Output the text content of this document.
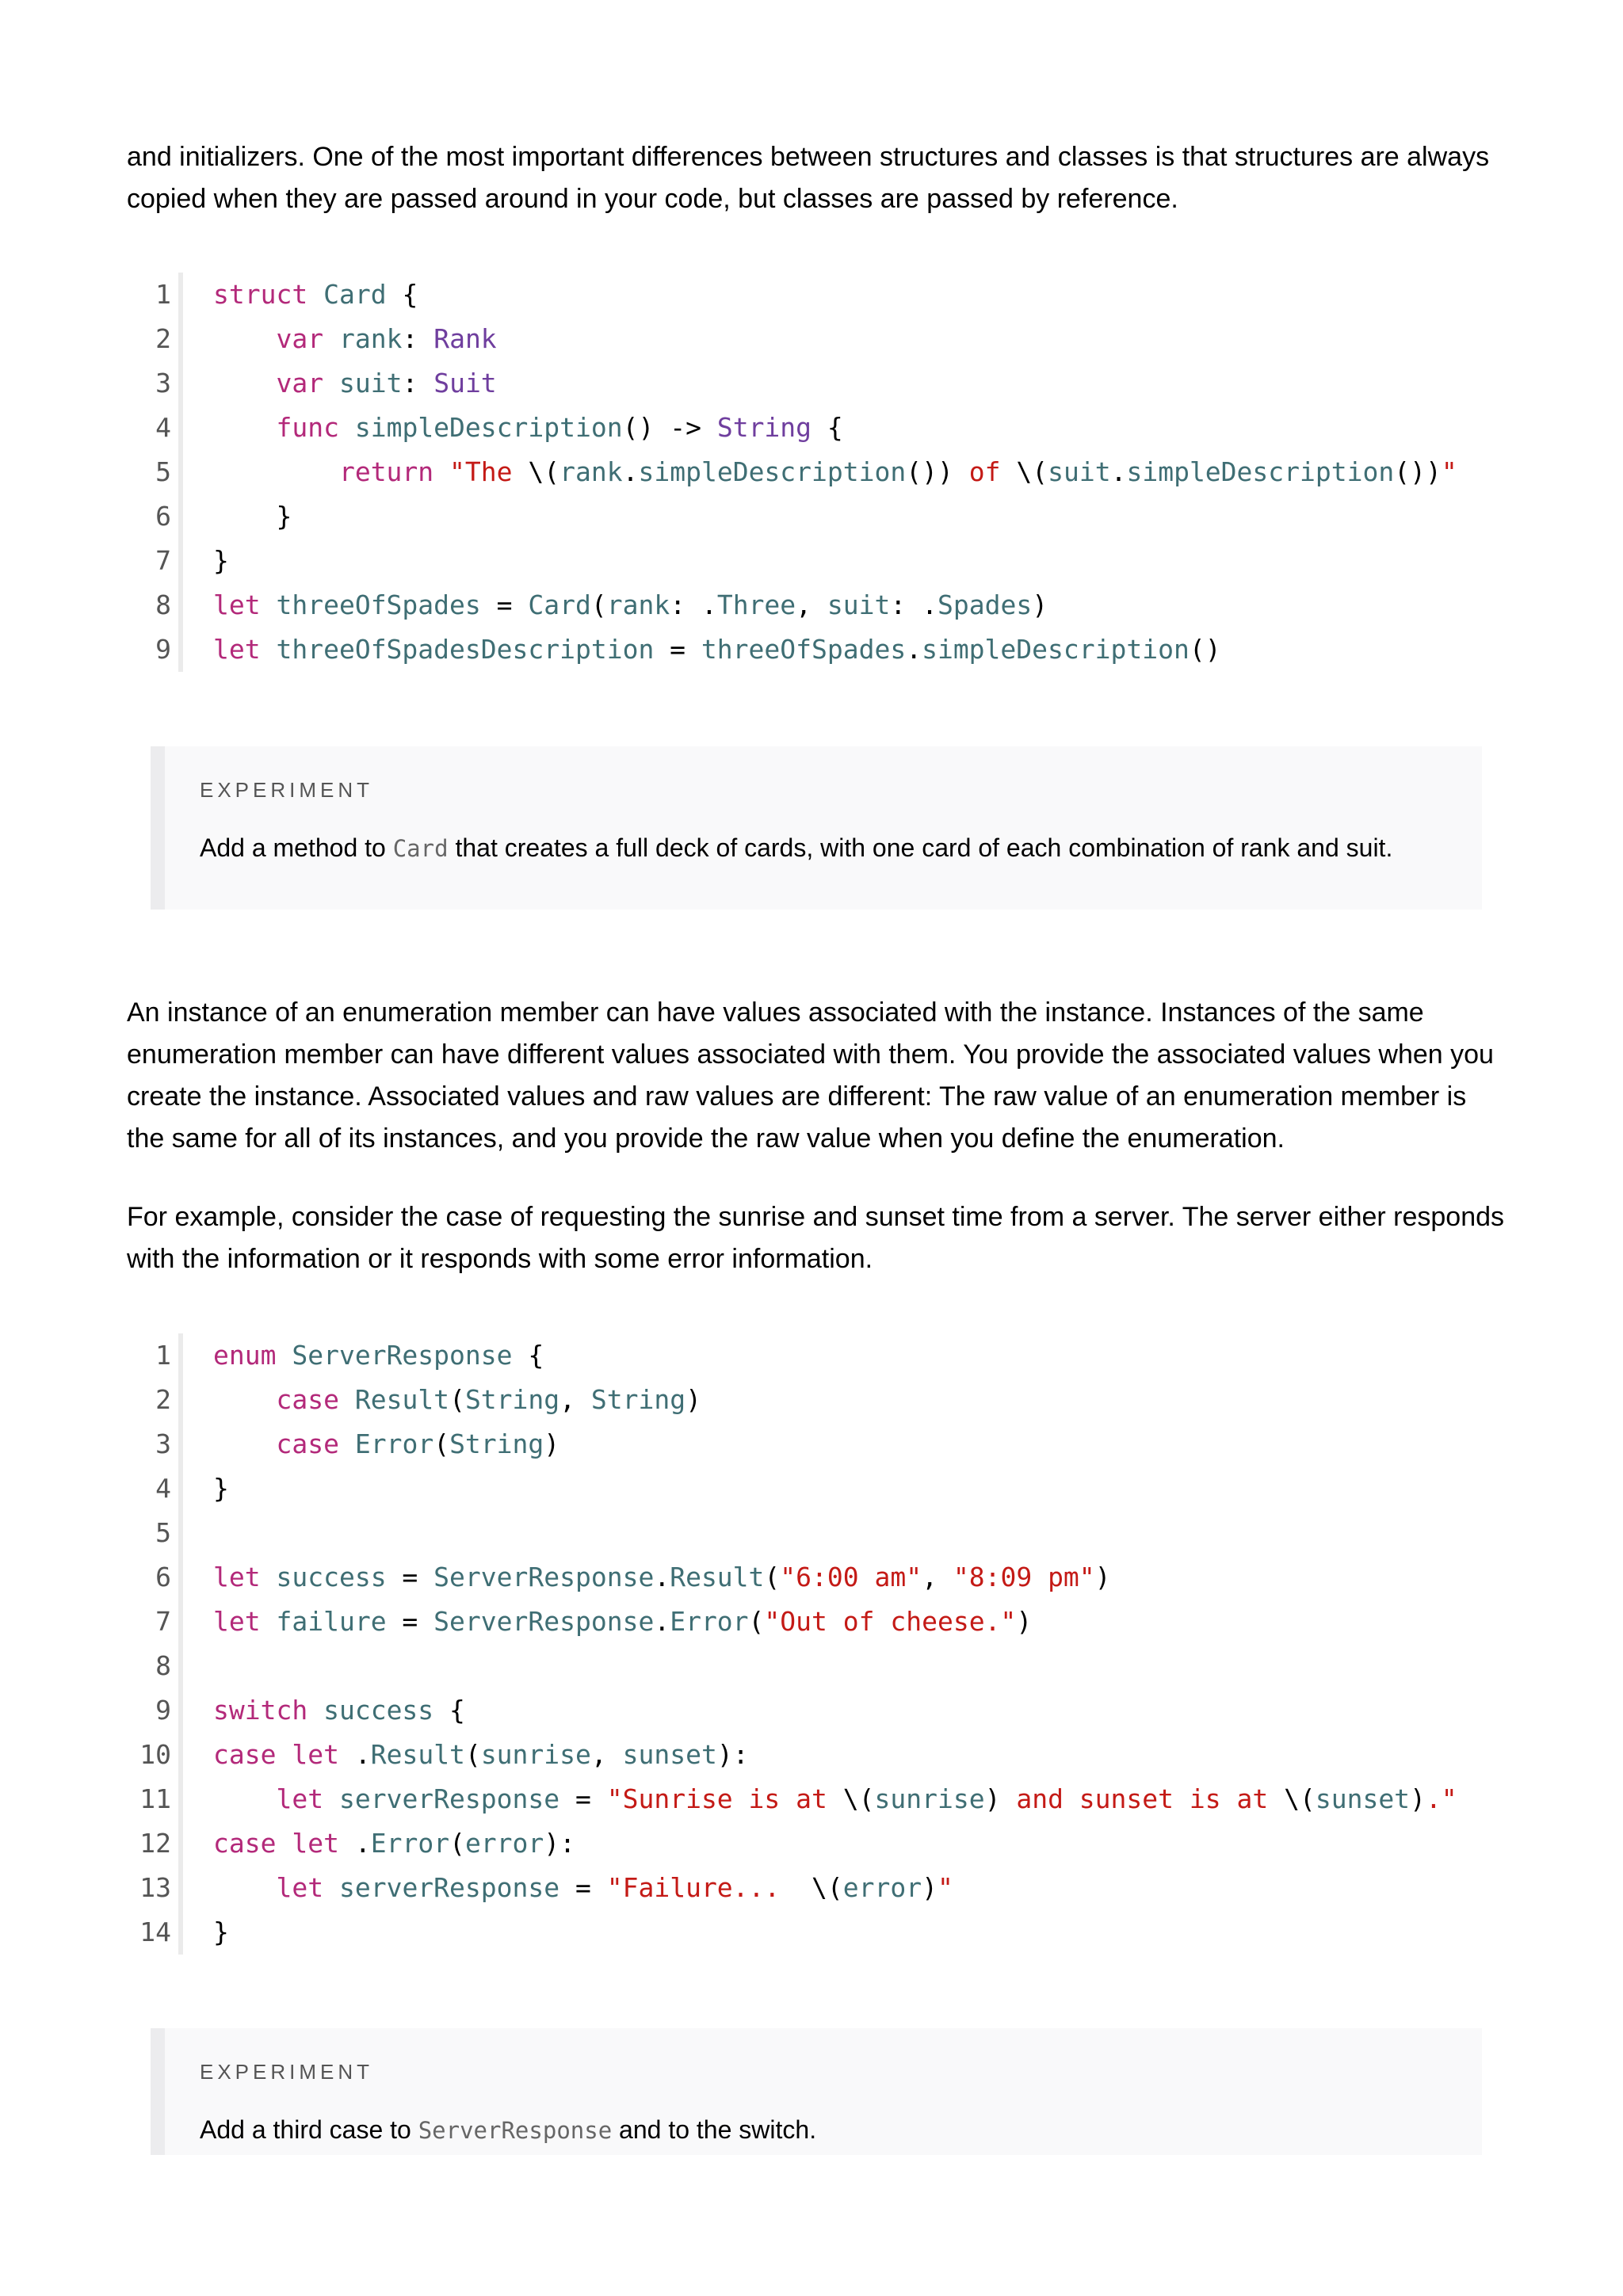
and initializers. One of the most important differences between structures and classes is that structures are always copied when they are passed around in your code, but classes are passed by reference.

1 struct Card {
2	var rank: Rank
3	var suit: Suit
4	func simpleDescription() -> String {
5	return "The \(rank.simpleDescription()) of \(suit.simpleDescription())"
6 }
7 }
8 let threeOfSpades = Card(rank: .Three, suit: .Spades)
9 let threeOfSpadesDescription = threeOfSpades.simpleDescription()
EXPERIMENT
Add a method to Card that creates a full deck of cards, with one card of each combination of rank and suit.

An instance of an enumeration member can have values associated with the instance. Instances of the same enumeration member can have different values associated with them. You provide the associated values when you create the instance. Associated values and raw values are different: The raw value of an enumeration member is the same for all of its instances, and you provide the raw value when you define the enumeration.

For example, consider the case of requesting the sunrise and sunset time from a server. The server either responds with the information or it responds with some error information.

1 enum ServerResponse {
2	case Result(String, String)
3	case Error(String)
4 }
5
6 let success = ServerResponse.Result("6:00 am", "8:09 pm")
7 let failure = ServerResponse.Error("Out of cheese.")
8
9 switch success {
10 case let .Result(sunrise, sunset):
11	let serverResponse = "Sunrise is at \(sunrise) and sunset is at \(sunset)."
12 case let .Error(error):
13	let serverResponse = "Failure...  \(error)"
14 }
EXPERIMENT
Add a third case to ServerResponse and to the switch.
